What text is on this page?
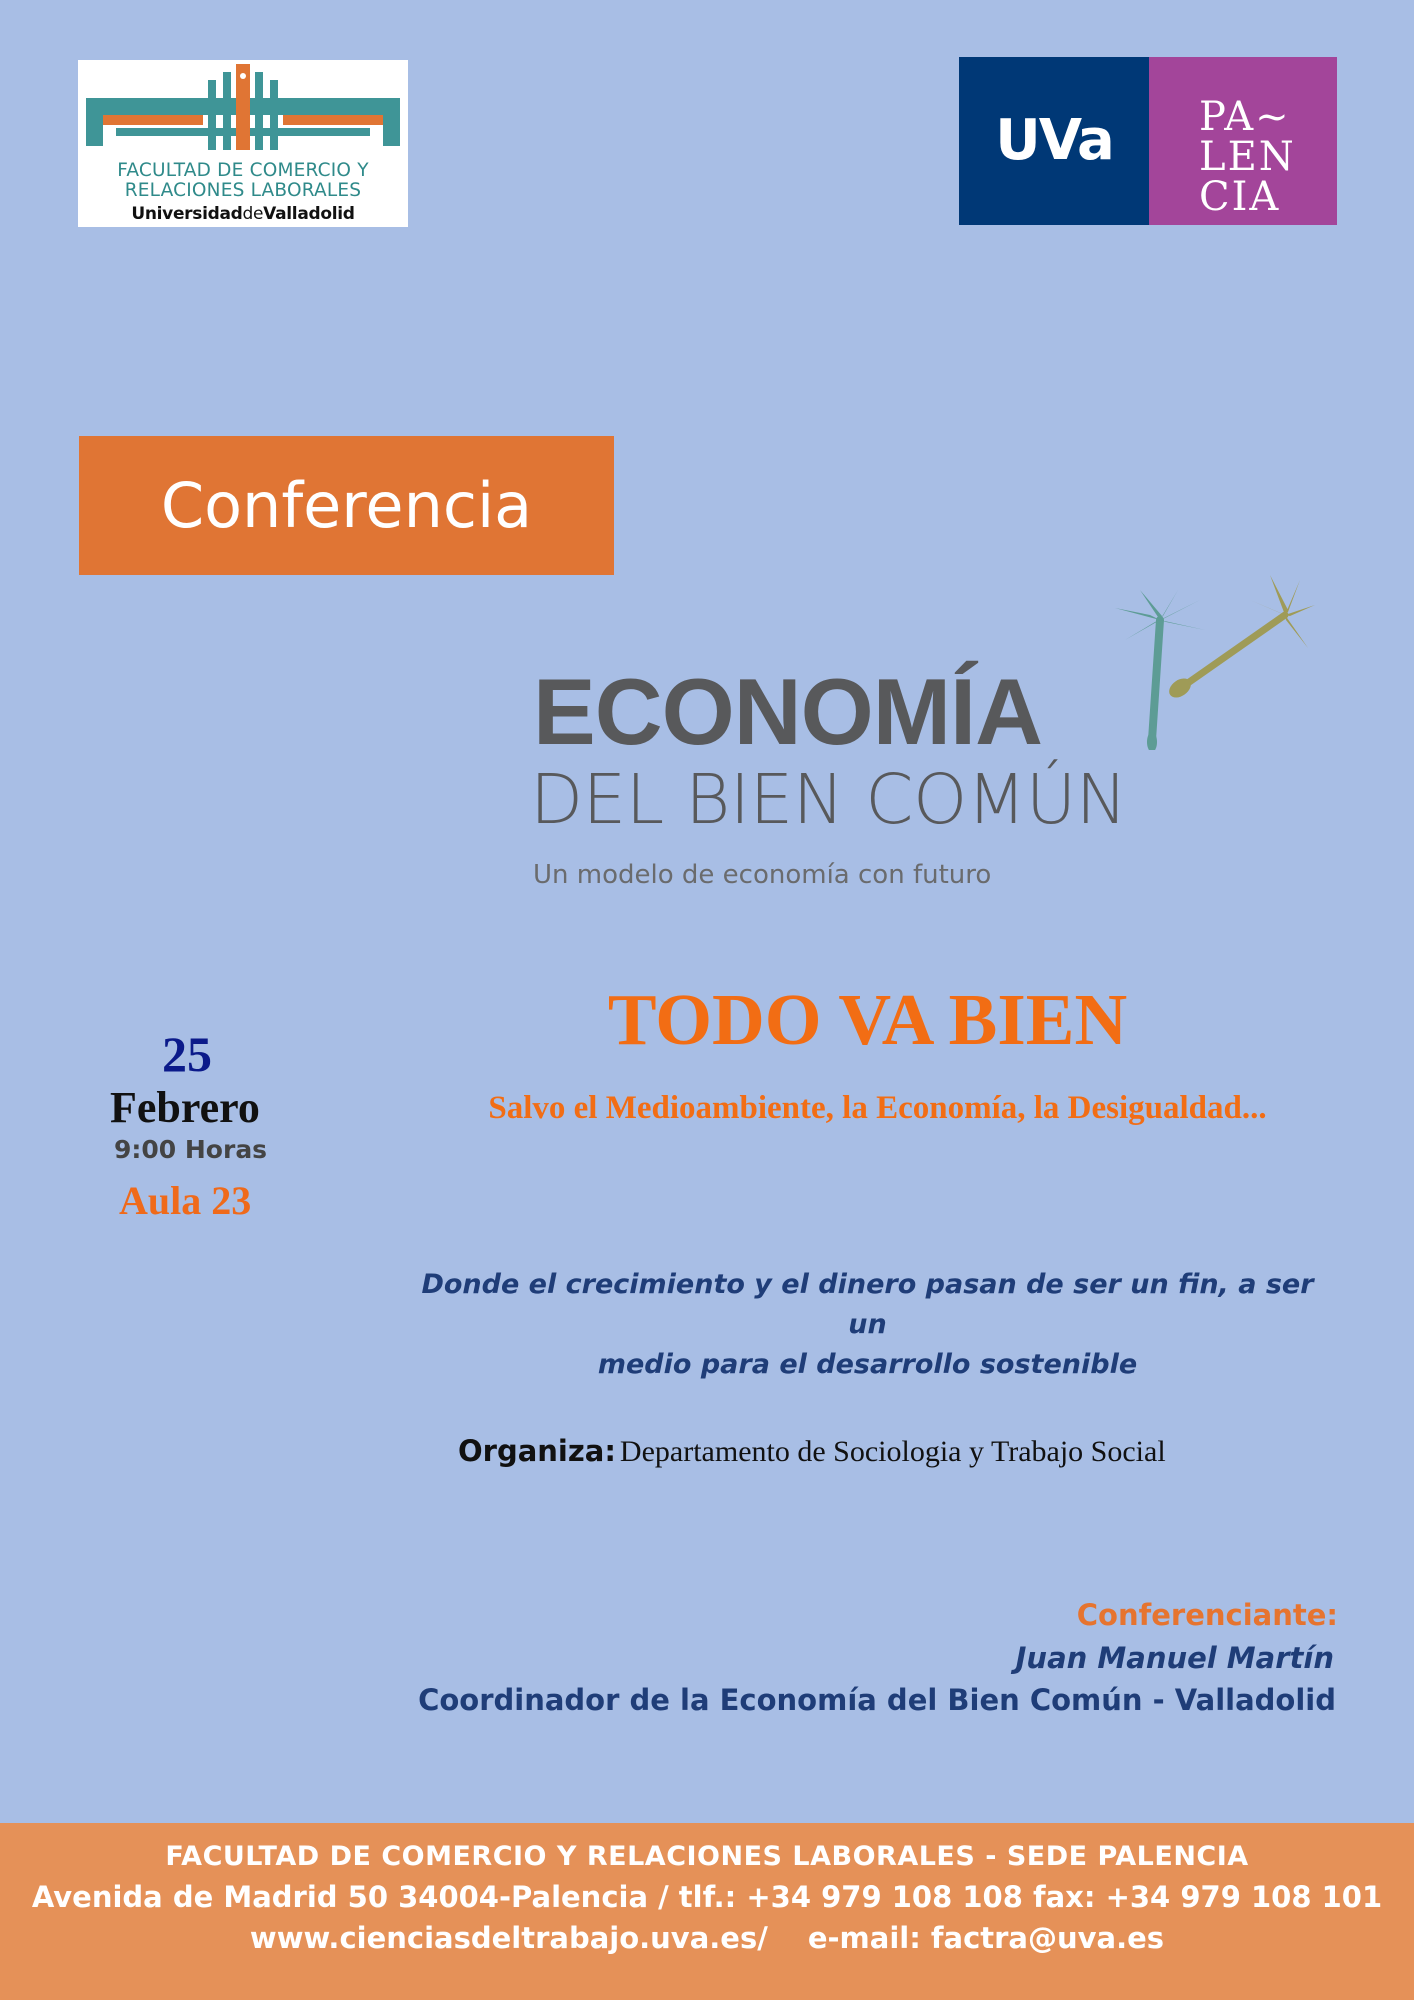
FACULTAD DE COMERCIO Y
RELACIONES LABORALES
UniversidaddeValladolid
UVa	PA~
LEN
CIA
Conferencia
ECONOMÍA
DEL BIEN COMÚN
Un modelo de economía con futuro
25
Febrero
9:00 Horas
Aula 23
TODO VA BIEN
Salvo el Medioambiente, la Economía, la Desigualdad...
Donde el crecimiento y el dinero pasan de ser un fin, a ser un
medio para el desarrollo sostenible
Organiza: Departamento de Sociologia y Trabajo Social
Conferenciante:
Juan Manuel Martín
Coordinador de la Economía del Bien Común - Valladolid
FACULTAD DE COMERCIO Y RELACIONES LABORALES - SEDE PALENCIA
Avenida de Madrid 50 34004-Palencia / tlf.: +34 979 108 108 fax: +34 979 108 101
www.cienciasdeltrabajo.uva.es/ e-mail: factra@uva.es
